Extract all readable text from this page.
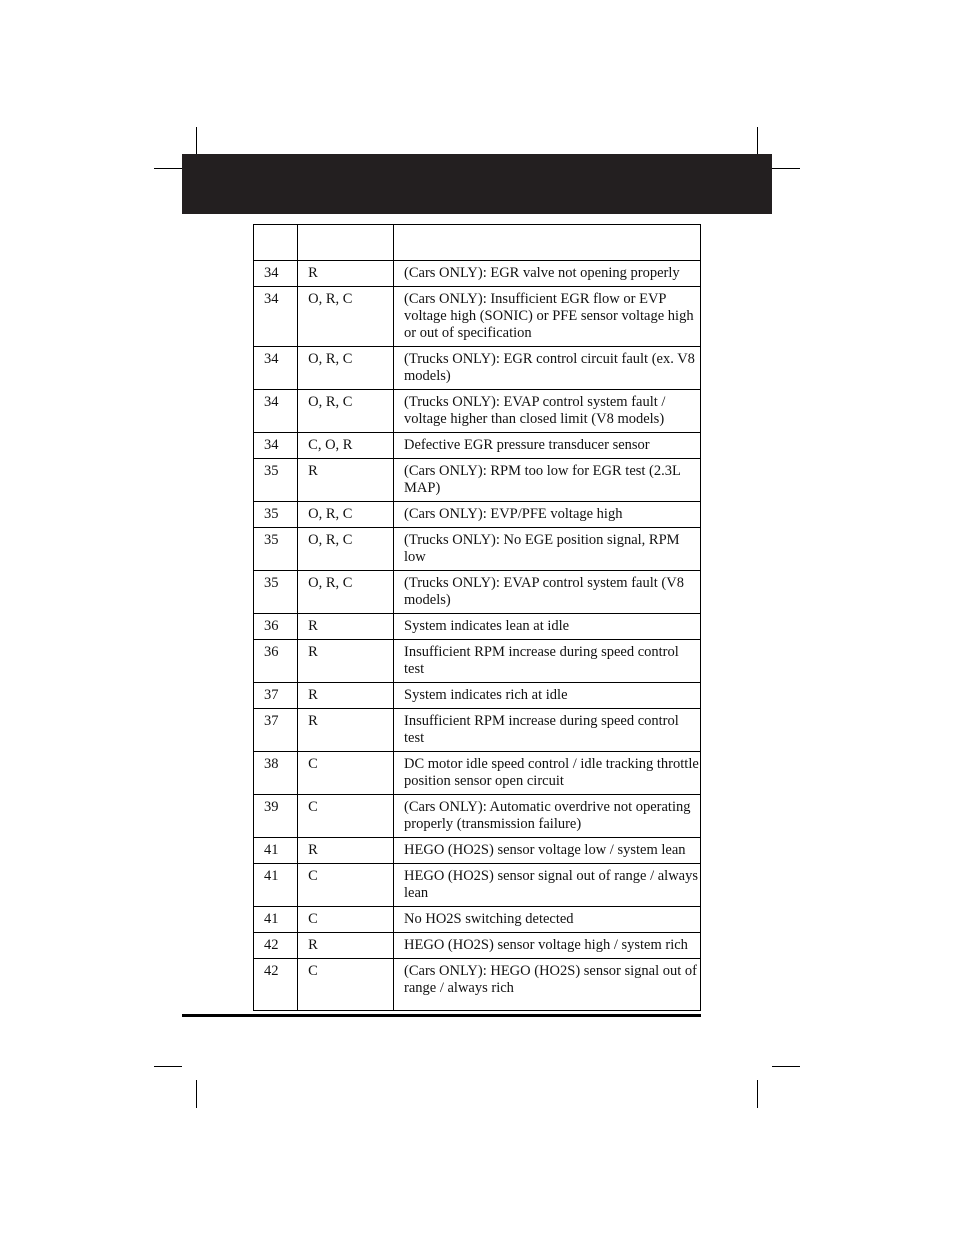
34	R	(Cars ONLY): EGR valve not opening properly
34	O, R, C	(Cars ONLY): Insufficient EGR flow or EVP voltage high (SONIC) or PFE sensor voltage high or out of specification
34	O, R, C	(Trucks ONLY): EGR control circuit fault (ex. V8 models)
34	O, R, C	(Trucks ONLY): EVAP control system fault / voltage higher than closed limit (V8 models)
34	C, O, R	Defective EGR pressure transducer sensor
35	R	(Cars ONLY): RPM too low for EGR test (2.3L MAP)
35	O, R, C	(Cars ONLY): EVP/PFE voltage high
35	O, R, C	(Trucks ONLY): No EGE position signal, RPM low
35	O, R, C	(Trucks ONLY): EVAP control system fault (V8 models)
36	R	System indicates lean at idle
36	R	Insufficient RPM increase during speed control test
37	R	System indicates rich at idle
37	R	Insufficient RPM increase during speed control test
38	C	DC motor idle speed control / idle tracking throttle position sensor open circuit
39	C	(Cars ONLY): Automatic overdrive not operating properly (transmission failure)
41	R	HEGO (HO2S) sensor voltage low / system lean
41	C	HEGO (HO2S) sensor signal out of range / always lean
41	C	No HO2S switching detected
42	R	HEGO (HO2S) sensor voltage high / system rich
42	C	(Cars ONLY): HEGO (HO2S) sensor signal out of range / always rich
